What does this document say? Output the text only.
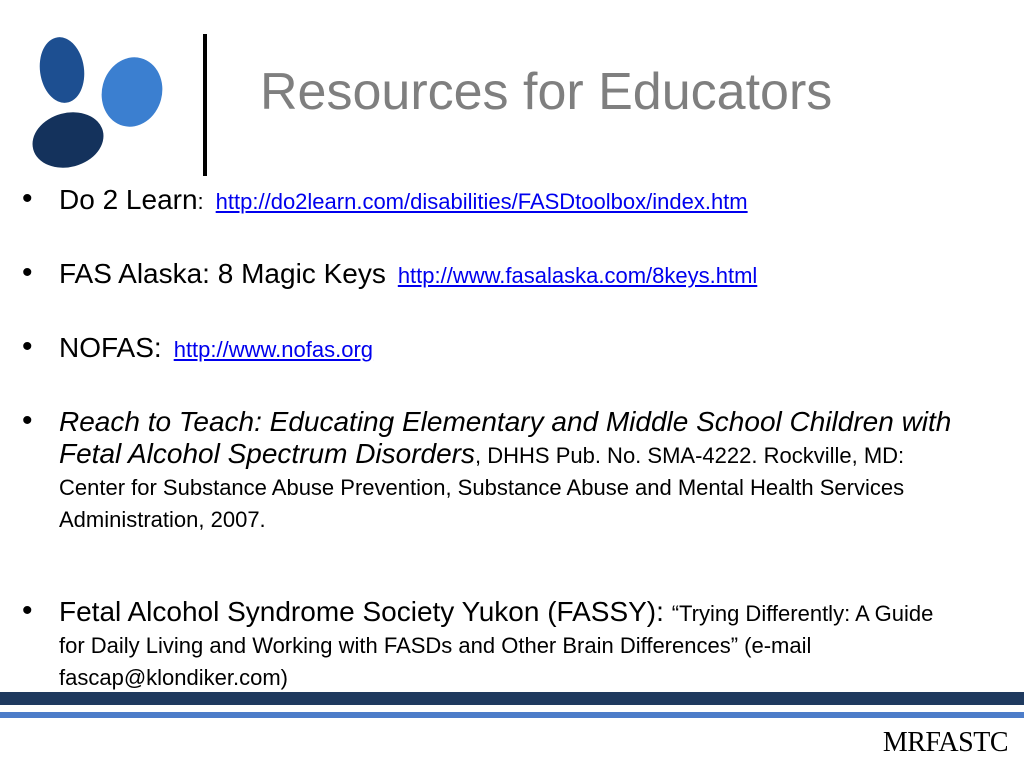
Resources for Educators
• Do 2 Learn: http://do2learn.com/disabilities/FASDtoolbox/index.htm
• FAS Alaska: 8 Magic Keys http://www.fasalaska.com/8keys.html
• NOFAS: http://www.nofas.org
• Reach to Teach: Educating Elementary and Middle School Children with Fetal Alcohol Spectrum Disorders, DHHS Pub. No. SMA-4222. Rockville, MD: Center for Substance Abuse Prevention, Substance Abuse and Mental Health Services Administration, 2007.
• Fetal Alcohol Syndrome Society Yukon (FASSY): “Trying Differently: A Guide for Daily Living and Working with FASDs and Other Brain Differences” (e-mail fascap@klondiker.com)
MRFASTC
